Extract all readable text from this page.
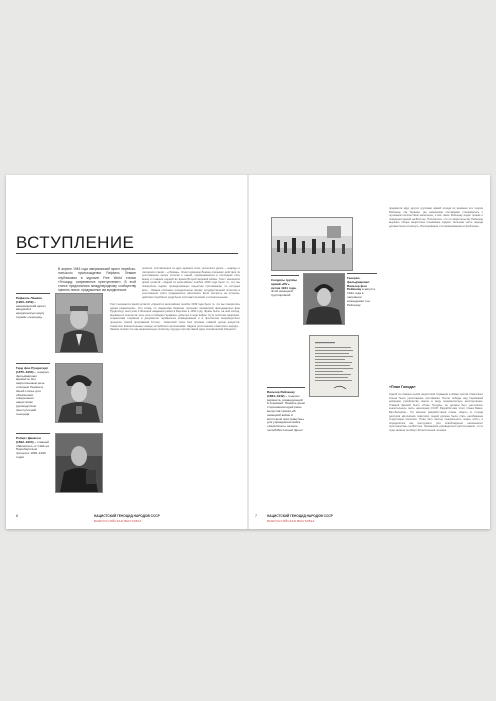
ВСТУПЛЕНИЕ
В апреле 1945 года американский юрист еврейско-польского происхождения Рафаэль Лемкин опубликовал в журнале Free World статью «Геноцид: современное преступление». В этой статье предлагалось международному сообществу принять новое, придуманное им юридическое
понятие, составленное из двух древних слов: греческого genos – «народ» и латинского caedo – «убиваю». Этим термином Лемкин описывал действия по уничтожению целых этносов и наций, применявшиеся в последние пять веков и ставшие нормой во время Второй мировой войны. Текст начинался яркой цитатой: «Одной из величайших ошибок 1939 года было то, что мы покорились идеям, принадлежащих нацистам противникам, по которым всех... Лемкин описывал определенную форму государственной политики в уничтожении части гражданского населения. Если смотреть на историю, действия подобного рода были систематическими и сознательными.
Рафаэль Лемкин (1900–1959) – американский юрист, введший в юридическую науку термин «геноцид»
Герд фон Рундштедт (1875–1953) – генерал-фельдмаршал вермахта. Его закрепленным речь штатным Лемкин в своей статье для объяснения совершения нацистским руководством преступлений геноцида
Роберт Джексон (1892–1954) – главный обвинитель от США на Нюрнбергском процессе 1945–1946 годов
Текст начинался яркой цитатой: «Одной из величайших ошибок 1939 года было то, что мы покорились идеям разделения». Эти слова, по сведениям Лемкина, произнёс германский фельдмаршал фон Рундштедт, выступая в Военной академии рейха в Берлине в 1943 году. Фраза была, на мой взгляд, вырвана из контекста: речь шла о победах Германии, добытых в ходе войны. Суть политики национал-социализма отражена в документах германского командования и в протоколах Нюрнбергского процесса. Своей программой Гитлер... Советский Союз был признан главной целью нацистов. Советских военнопленных немцы истребляли миллионами. Задача уничтожения советского народа... Лемкин описал это как национальную политику, идущую против самой идеи человеческой общности.
6	НАЦИСТСКИЙ ГЕНОЦИД НАРОДОВ СССР
ВСЕРОССИЙСКАЯ ВЫСТАВКА
Солдаты группы армий «Юг» летом 1941 года. Этой немецкой группировкой
Генерал-фельдмаршал Вальтер фон Рейхенау в августе 1941 года в оккупации командовал ген. Рейхенау
Вальтер Рейхенау (1884–1942) – генерал вермахта, командующий 6-й армией. Назвать крым сторонником идей расы, выпустив приказ «В немецкий войне в восточном пространстве» для упразднения войск «Азиатского» на весь четкий Восточный фронт
предметов двух других группами армий исходя из времени эта теория Рейхенау. На Украине, где немецкими поставками сталкивались с огромным количеством населения, и всё такое Рейхенау издал приказ о поведении армий на Востоке. Полагалось, что по свидетельству Рейхенау выразил общее нацистское понимание задачи: большая часть народа должна была исчезнуть. Изолирование и спланированная истребление...
«План Голода»
Одной из главных целей нацистской Германии в войне против Советского Союза было уничтожение противника. После победы над Германией немецкое руководство имело в виду экономическую эксплуатацию. Главной фразой было «План Голода»: он должен был уничтожить значительную часть населения СССР. Разработчики этого плана Бакке, Бах-Зелевски... По мнению разработчиков плана, смерть от голода десятков миллионов советских людей должна была стать неизбежным следствием политики. План был частью генерального плана «Ост» и определялся как инструмент для освобождения «жизненного пространства» на Востоке. Германские руководители рассчитывали, что в ходе захвата погибнут 30 миллионов человек.
7	НАЦИСТСКИЙ ГЕНОЦИД НАРОДОВ СССР
ВСЕРОССИЙСКАЯ ВЫСТАВКА
